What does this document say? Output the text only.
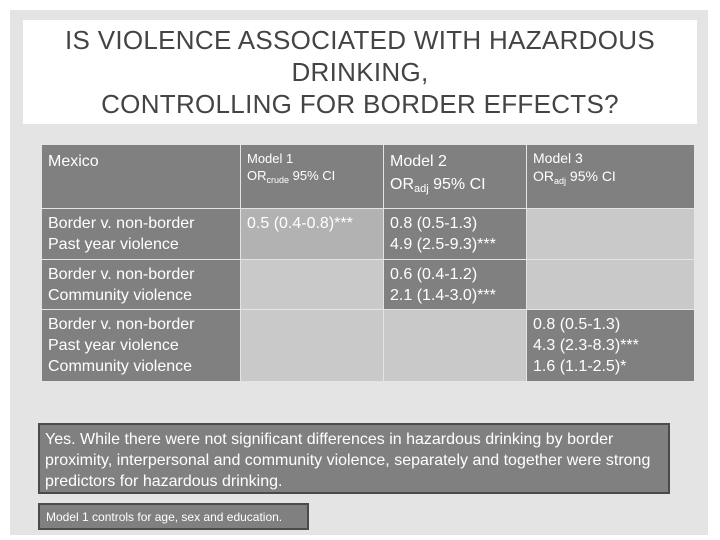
IS VIOLENCE ASSOCIATED WITH HAZARDOUS
DRINKING,
CONTROLLING FOR BORDER EFFECTS?
Mexico	Model 1
$OR_{crude}$ 95% CI
Model 2
ORadj 95% CI
Model 3
$OR_{adj}$ 95% CI
Border v. non-border
Past year violence
0.5 (0.4-0.8)***	0.8 (0.5-1.3)
4.9 (2.5-9.3)***
Border v. non-border
Community violence
0.6 (0.4-1.2)
2.1 (1.4-3.0)***
Border v. non-border
Past year violence
Community violence
0.8 (0.5-1.3)
4.3 (2.3-8.3)***
1.6 (1.1-2.5)*
Yes. While there were not significant differences in hazardous drinking by border proximity, interpersonal and community violence, separately and together were strong predictors for hazardous drinking.
Model 1 controls for age, sex and education.
